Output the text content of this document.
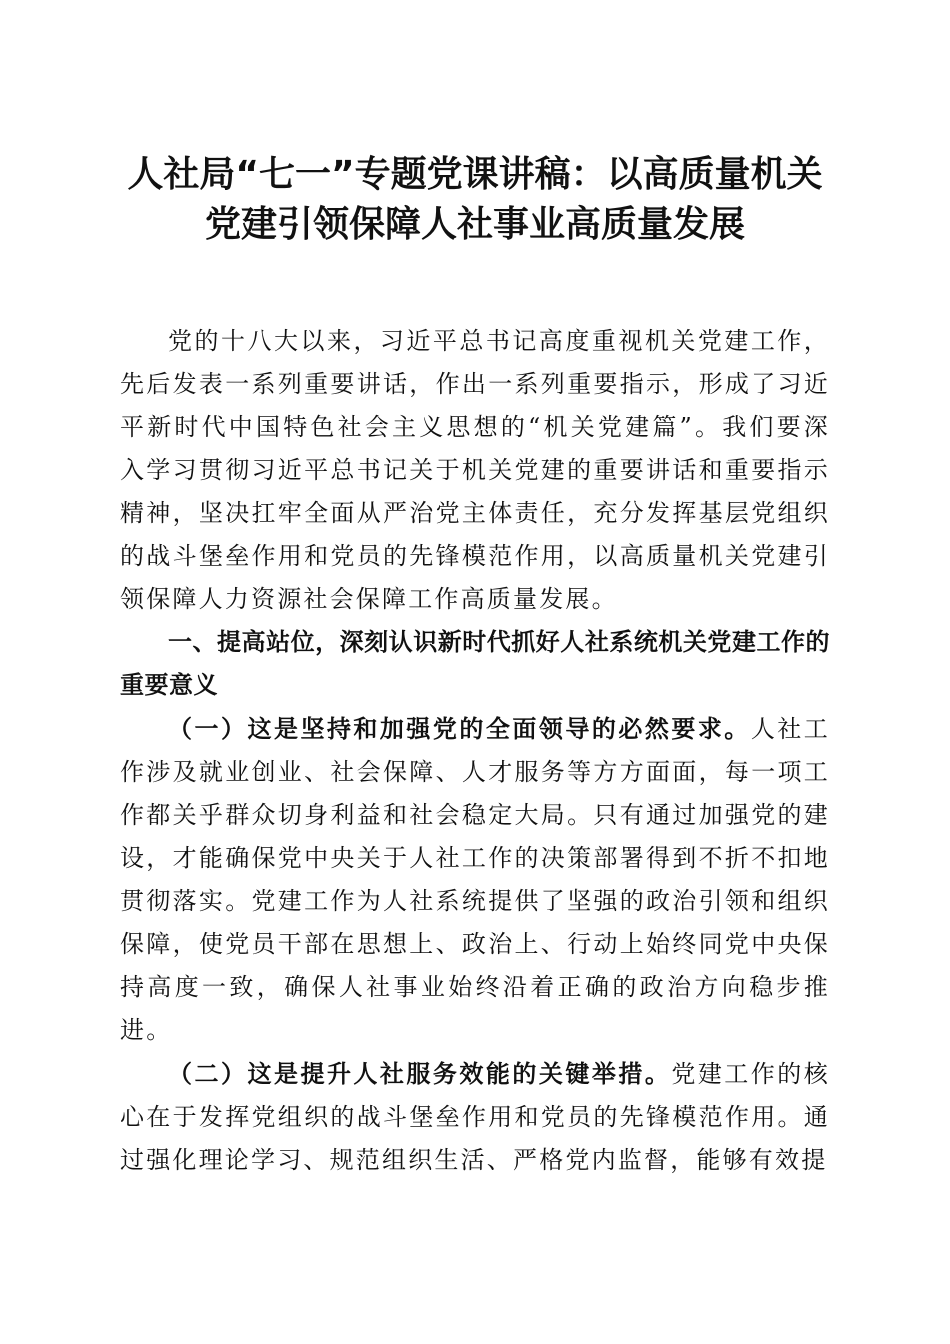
人社局“七一”专题党课讲稿：以高质量机关
党建引领保障人社事业高质量发展

党的十八大以来，习近平总书记高度重视机关党建工作，先后发表一系列重要讲话，作出一系列重要指示，形成了习近平新时代中国特色社会主义思想的“机关党建篇”。我们要深入学习贯彻习近平总书记关于机关党建的重要讲话和重要指示精神，坚决扛牢全面从严治党主体责任，充分发挥基层党组织的战斗堡垒作用和党员的先锋模范作用，以高质量机关党建引领保障人力资源社会保障工作高质量发展。

一、提高站位，深刻认识新时代抓好人社系统机关党建工作的重要意义

（一）这是坚持和加强党的全面领导的必然要求。人社工作涉及就业创业、社会保障、人才服务等方方面面，每一项工作都关乎群众切身利益和社会稳定大局。只有通过加强党的建设，才能确保党中央关于人社工作的决策部署得到不折不扣地贯彻落实。党建工作为人社系统提供了坚强的政治引领和组织保障，使党员干部在思想上、政治上、行动上始终同党中央保持高度一致，确保人社事业始终沿着正确的政治方向稳步推进。

（二）这是提升人社服务效能的关键举措。党建工作的核心在于发挥党组织的战斗堡垒作用和党员的先锋模范作用。通过强化理论学习、规范组织生活、严格党内监督，能够有效提
